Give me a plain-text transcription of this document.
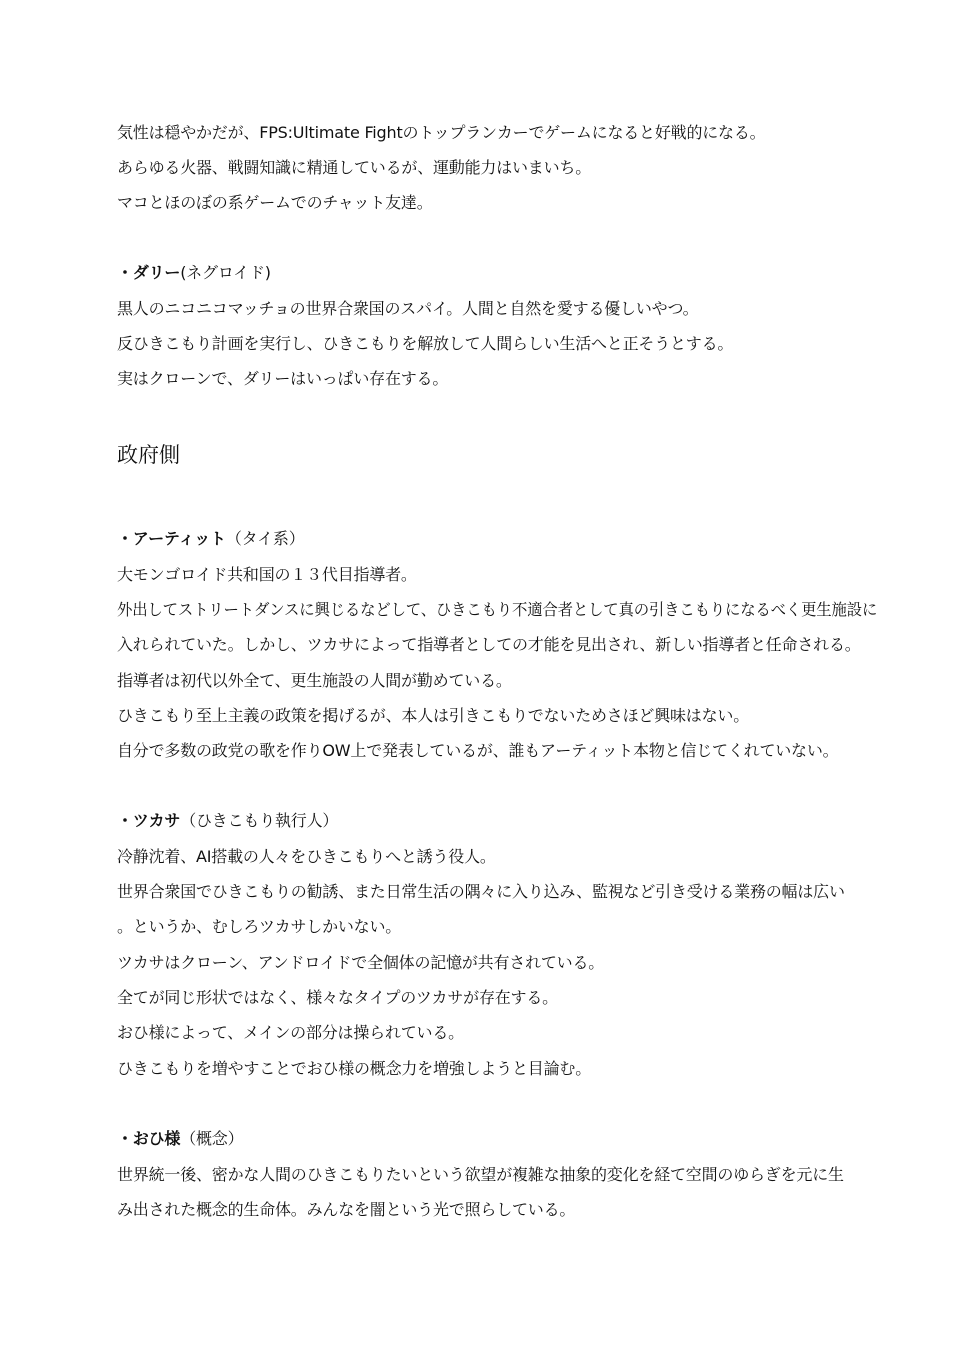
気性は穏やかだが、FPS:Ultimate Fightのトップランカーでゲームになると好戦的になる。
あらゆる火器、戦闘知識に精通しているが、運動能力はいまいち。
マコとほのぼの系ゲームでのチャット友達。
・ダリー(ネグロイド)
黒人のニコニコマッチョの世界合衆国のスパイ。人間と自然を愛する優しいやつ。
反ひきこもり計画を実行し、ひきこもりを解放して人間らしい生活へと正そうとする。
実はクローンで、ダリーはいっぱい存在する。
政府側
・アーティット（タイ系）
大モンゴロイド共和国の１３代目指導者。
外出してストリートダンスに興じるなどして、ひきこもり不適合者として真の引きこもりになるべく更生施設に
入れられていた。しかし、ツカサによって指導者としての才能を見出され、新しい指導者と任命される。
指導者は初代以外全て、更生施設の人間が勤めている。
ひきこもり至上主義の政策を掲げるが、本人は引きこもりでないためさほど興味はない。
自分で多数の政党の歌を作りOW上で発表しているが、誰もアーティット本物と信じてくれていない。
・ツカサ（ひきこもり執行人）
冷静沈着、AI搭載の人々をひきこもりへと誘う役人。
世界合衆国でひきこもりの勧誘、また日常生活の隅々に入り込み、監視など引き受ける業務の幅は広い
。というか、むしろツカサしかいない。
ツカサはクローン、アンドロイドで全個体の記憶が共有されている。
全てが同じ形状ではなく、様々なタイプのツカサが存在する。
おひ様によって、メインの部分は操られている。
ひきこもりを増やすことでおひ様の概念力を増強しようと目論む。
・おひ様（概念）
世界統一後、密かな人間のひきこもりたいという欲望が複雑な抽象的変化を経て空間のゆらぎを元に生
み出された概念的生命体。みんなを闇という光で照らしている。
